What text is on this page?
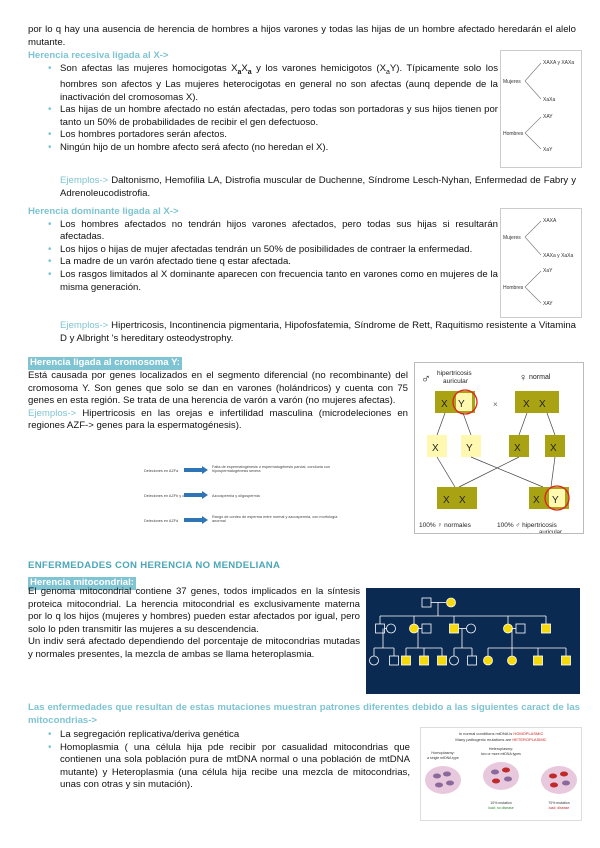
por lo q hay una ausencia de herencia de hombres a hijos varones y todas las hijas de un hombre afectado heredarán el alelo mutante.

Herencia recesiva ligada al X->

• Son afectas las mujeres homocigotas $X_aX_a$ y los varones hemicigotos $(X_aY)$. Típicamente solo los hombres son afectos y Las mujeres heterocigotas en general no son afectas (aunq depende de la inactivación del cromosomas X).
• Las hijas de un hombre afectado no están afectadas, pero todas son portadoras y sus hijos tienen por tanto un 50% de probabilidades de recibir el gen defectuoso.
• Los hombres portadores serán afectos.
• Ningún hijo de un hombre afecto será afecto (no heredan el X).
Ejemplos-> Daltonismo, Hemofilia LA, Distrofia muscular de Duchenne, Síndrome Lesch-Nyhan, Enfermedad de Fabry y Adrenoleucodistrofia.
Mujeres
Hombres
XAXA y XAXa
XaXa
XAY
XaY

Herencia dominante ligada al X->

• Los hombres afectados no tendrán hijos varones afectados, pero todas sus hijas si resultarán afectadas.
• Los hijos o hijas de mujer afectadas tendrán un 50% de posibilidades de contraer la enfermedad.
• La madre de un varón afectado tiene q estar afectada.
• Los rasgos limitados al X dominante aparecen con frecuencia tanto en varones como en mujeres de la misma generación.
Ejemplos-> Hipertricosis, Incontinencia pigmentaria, Hipofosfatemia, Síndrome de Rett, Raquitismo resistente a Vitamina D y Albright 's hereditary osteodystrophy.
Mujeres
Hombres
XAXA
XAXa y XaXa
XaY
XAY
Herencia ligada al cromosoma Y:

Está causada por genes localizados en el segmento diferencial (no recombinante) del cromosoma Y. Son genes que solo se dan en varones (holándricos) y cuenta con 75 genes en esta región. Se trata de una herencia de varón a varón (no mujeres afectas).

Ejemplos-> Hipertricosis en las orejas e infertilidad masculina (microdeleciones en regiones AZF-> genes para la espermatogénesis).

Deleciones en AZFa
Falta de espermatogénesis o espermatogénesis parcial, conducta con hipospermatogénesis severa
Deleciones en AZFb y c	Azoospermia y oligospermia
Deleciones en AZFd
Rango de conteo de esperma entre normal y azoospermia, con morfología anormal
♂ hipertricosis
auricular	♀ normal
X Y	×	X X
X	Y	X	X
X X	X Y
100% ♀ normales	100% ♂ hipertricosis
auricular

ENFERMEDADES CON HERENCIA NO MENDELIANA

Herencia mitocondrial:

El genoma mitocondrial contiene 37 genes, todos implicados en la síntesis proteica mitocondrial. La herencia mitocondrial es exclusivamente materna por lo q los hijos (mujeres y hombres) pueden estar afectados por igual, pero solo lo pden transmitir las mujeres a su descendencia.

Un indiv será afectado dependiendo del porcentaje de mitocondrias mutadas y normales presentes, la mezcla de ambas se llama heteroplasmia.

Las enfermedades que resultan de estas mutaciones muestran patrones diferentes debido a las siguientes caract de las mitocondrias->

• La segregación replicativa/deriva genética
• Homoplasmia ( una célula hija pde recibir por casualidad mitocondrias que contienen una sola población pura de mtDNA normal o una población de mtDNA mutante) y Heteroplasmia (una célula hija recibe una mezcla de mitocondrias, unas con otras y sin mutación).
In normal conditions mtDNA is HOMOPLASMIC
Many pathogenic mutations are HETEROPLASMIC
Homoplasmy:
a single mtDNA type
Heteroplasmy:
two or more mtDNA types
10% mutation
load: no disease
70% mutation
load: disease
